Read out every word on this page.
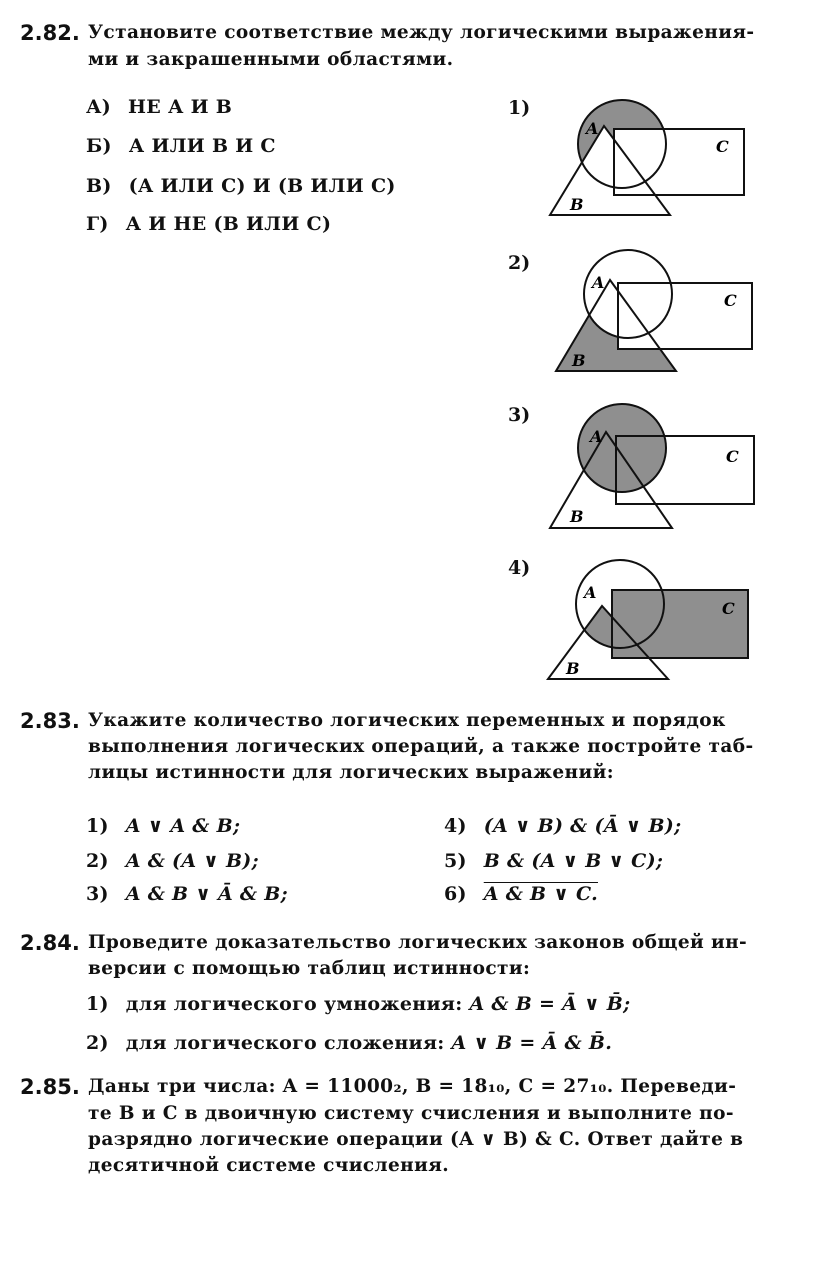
2.82. Установите соответствие между логическими выражения-
ми и закрашенными областями.
А) НЕ А И В
Б) А ИЛИ В И С
В) (А ИЛИ С) И (В ИЛИ С)
Г) А И НЕ (В ИЛИ С)
1)
2)
3)
4)
A
B
C
A
B
C
A
B
C
A
B
C
2.83. Укажите количество логических переменных и порядок
выполнения логических операций, а также постройте таб-
лицы истинности для логических выражений:
1) A ∨ A & B;
2) A & (A ∨ B);
3) A & B ∨ Ā & B;
4) (A ∨ B) & (Ā ∨ B);
5) B & (A ∨ B ∨ C);
6) A & B ∨ C.
2.84. Проведите доказательство логических законов общей ин-
версии с помощью таблиц истинности:
1) для логического умножения: A & B = Ā ∨ B̄;
2) для логического сложения: A ∨ B = Ā & B̄.
2.85. Даны три числа: A = 11000₂, B = 18₁₀, C = 27₁₀. Переведи-
те B и C в двоичную систему счисления и выполните по-
разрядно логические операции (A ∨ B) & C. Ответ дайте в
десятичной системе счисления.
